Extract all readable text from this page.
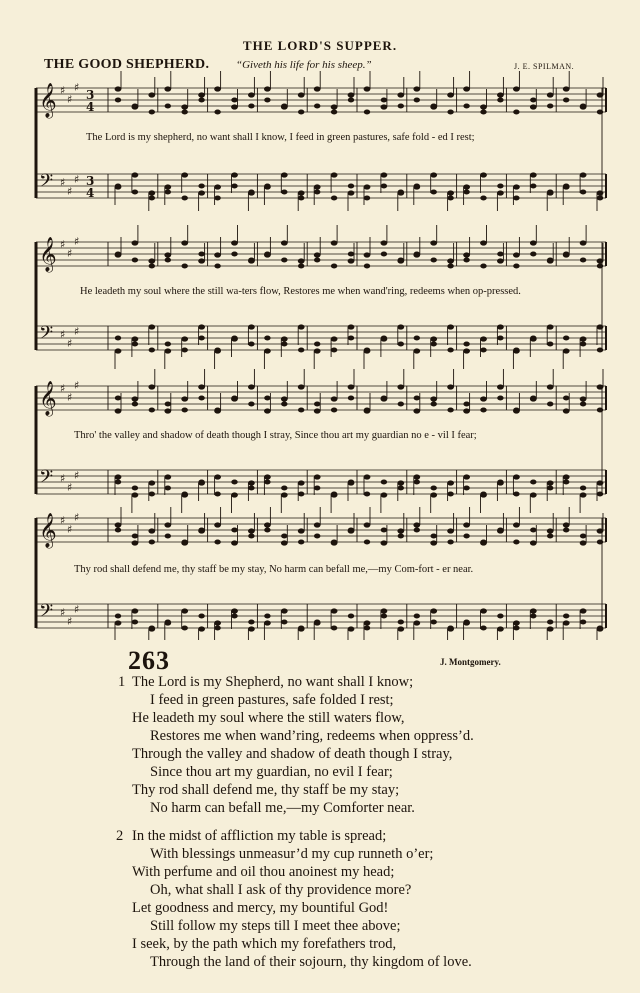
THE LORD'S SUPPER.
THE GOOD SHEPHERD. “Giveth his life for his sheep.”	J. E. SPILMAN.
𝄞 ♯
♯
♯
𝄢 ♯
♯
♯
𝄞 ♯
♯
♯
𝄢 ♯
♯
♯
𝄞 ♯
♯
♯
𝄢 ♯
♯
♯
𝄞 ♯
♯
♯
𝄢 ♯
♯
♯
3
4
3
4
The Lord is my shepherd, no want shall I know, I feed in green pastures, safe fold - ed I rest;
He leadeth my soul where the still wa-ters flow, Restores me when wand'ring, redeems when op-pressed.
Thro' the valley and shadow of death though I stray, Since thou art my guardian no e - vil I fear;
Thy rod shall defend me, thy staff be my stay, No harm can befall me,—my Com-fort - er near.
263	J. Montgomery.
1 The Lord is my Shepherd, no want shall I know;
I feed in green pastures, safe folded I rest;
He leadeth my soul where the still waters flow,
Restores me when wand’ring, redeems when oppress’d.
Through the valley and shadow of death though I stray,
Since thou art my guardian, no evil I fear;
Thy rod shall defend me, thy staff be my stay;
No harm can befall me,—my Comforter near.
2 In the midst of affliction my table is spread;
With blessings unmeasur’d my cup runneth o’er;
With perfume and oil thou anoinest my head;
Oh, what shall I ask of thy providence more?
Let goodness and mercy, my bountiful God!
Still follow my steps till I meet thee above;
I seek, by the path which my forefathers trod,
Through the land of their sojourn, thy kingdom of love.
